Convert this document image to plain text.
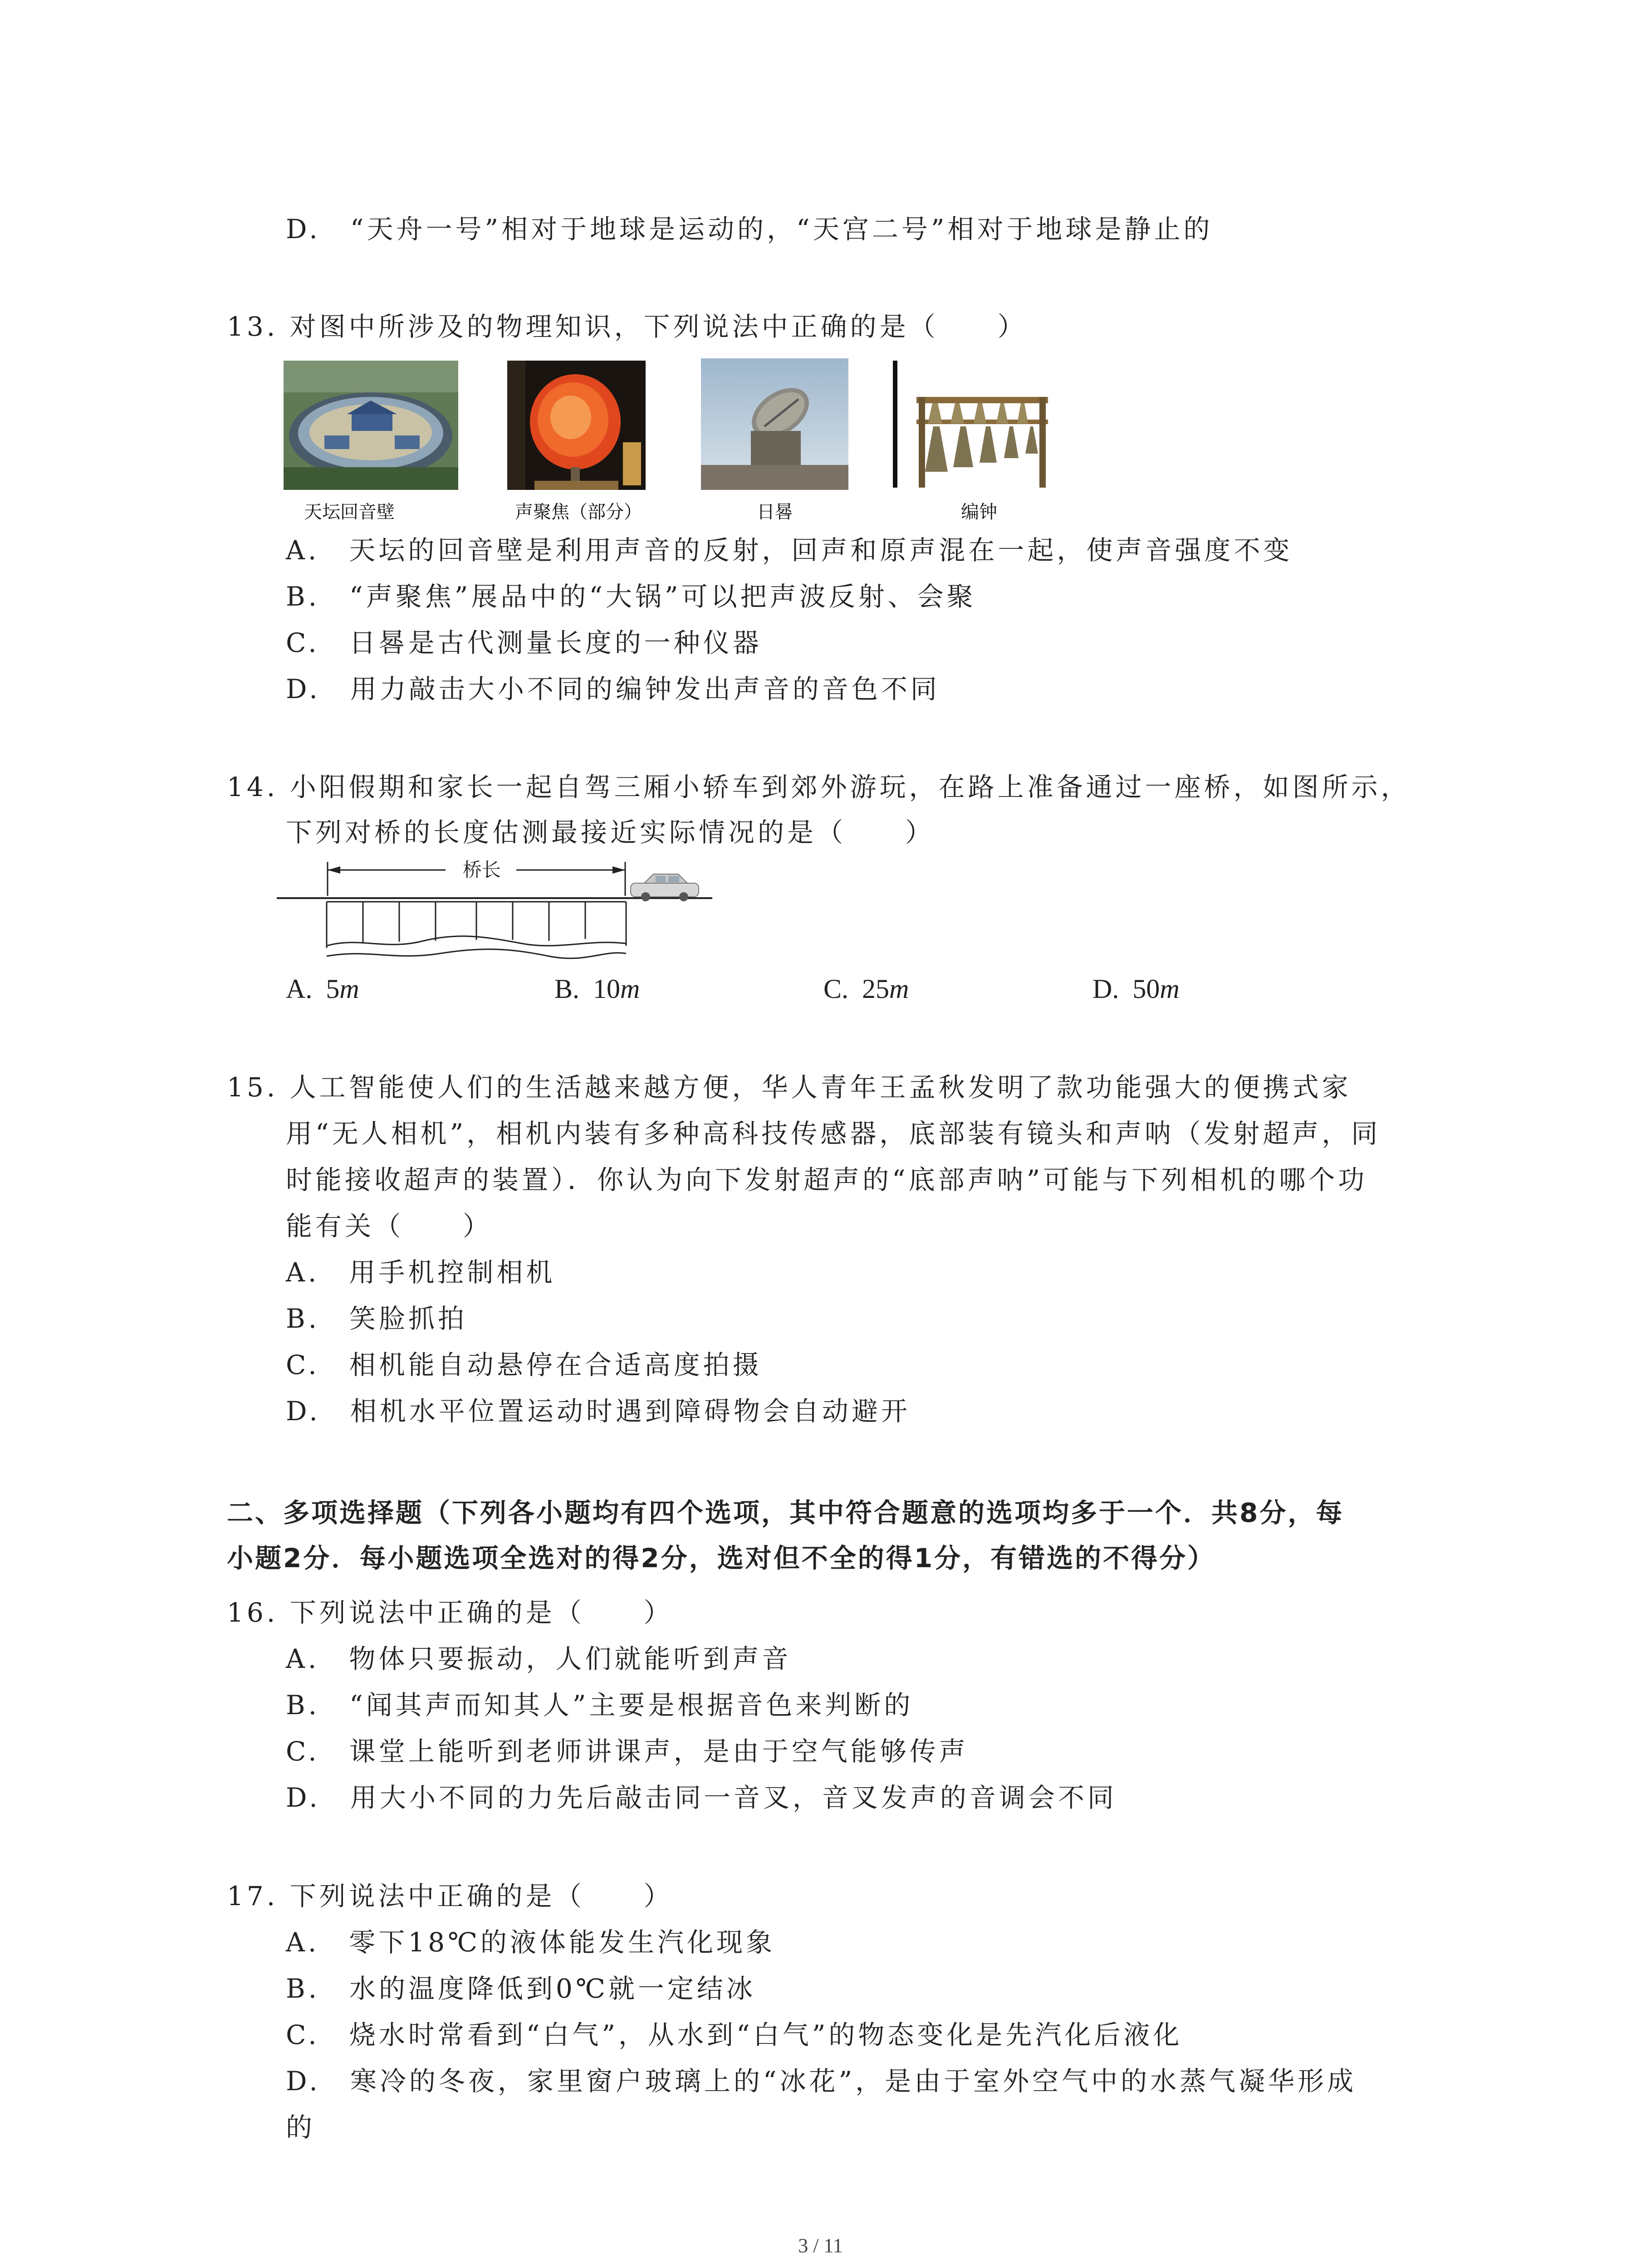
D.　“天舟一号”相对于地球是运动的，“天宫二号”相对于地球是静止的
13. 对图中所涉及的物理知识，下列说法中正确的是（　　）
天坛回音壁	声聚焦（部分）	日晷	编钟
A.　天坛的回音壁是利用声音的反射，回声和原声混在一起，使声音强度不变
B.　“声聚焦”展品中的“大锅”可以把声波反射、会聚
C.　日晷是古代测量长度的一种仪器
D.　用力敲击大小不同的编钟发出声音的音色不同
14. 小阳假期和家长一起自驾三厢小轿车到郊外游玩，在路上准备通过一座桥，如图所示，
下列对桥的长度估测最接近实际情况的是（　　）
桥长
A. 5m	B. 10m	C. 25m	D. 50m
15. 人工智能使人们的生活越来越方便，华人青年王孟秋发明了款功能强大的便携式家
用“无人相机”，相机内装有多种高科技传感器，底部装有镜头和声呐（发射超声，同
时能接收超声的装置）．你认为向下发射超声的“底部声呐”可能与下列相机的哪个功
能有关（　　）
A.　用手机控制相机
B.　笑脸抓拍
C.　相机能自动悬停在合适高度拍摄
D.　相机水平位置运动时遇到障碍物会自动避开
二、多项选择题（下列各小题均有四个选项，其中符合题意的选项均多于一个．共8分，每
小题2分．每小题选项全选对的得2分，选对但不全的得1分，有错选的不得分）
16. 下列说法中正确的是（　　）
A.　物体只要振动，人们就能听到声音
B.　“闻其声而知其人”主要是根据音色来判断的
C.　课堂上能听到老师讲课声，是由于空气能够传声
D.　用大小不同的力先后敲击同一音叉，音叉发声的音调会不同
17. 下列说法中正确的是（　　）
A.　零下18℃的液体能发生汽化现象
B.　水的温度降低到0℃就一定结冰
C.　烧水时常看到“白气”，从水到“白气”的物态变化是先汽化后液化
D.　寒冷的冬夜，家里窗户玻璃上的“冰花”，是由于室外空气中的水蒸气凝华形成
的
3 / 11
